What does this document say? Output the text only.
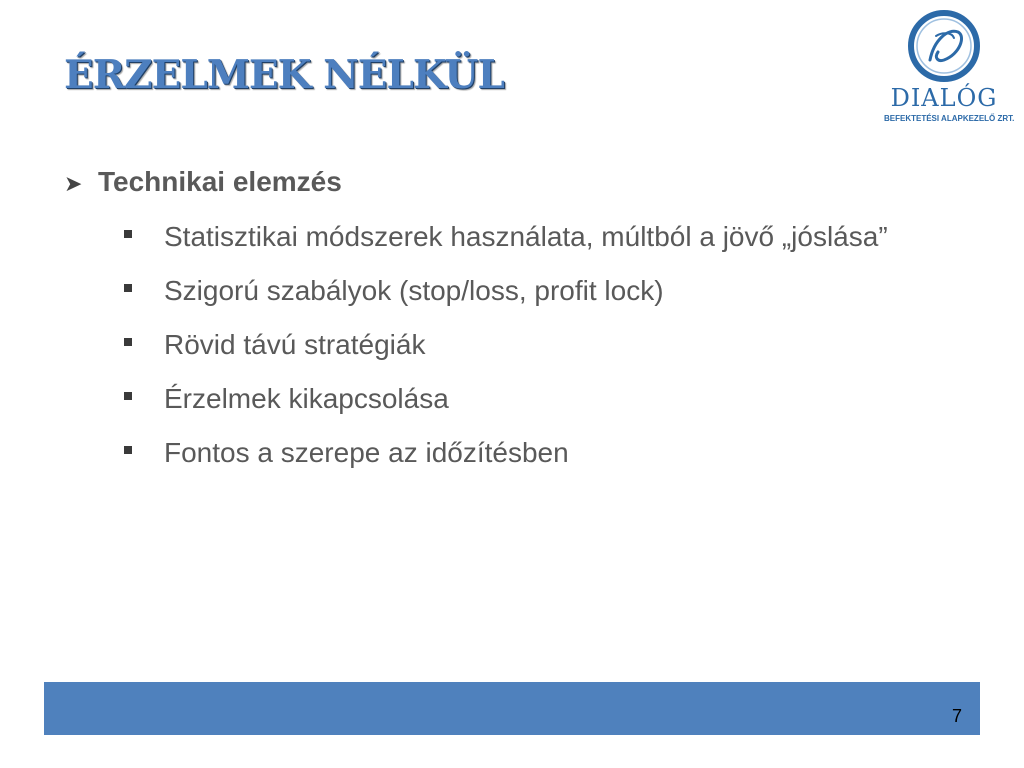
ÉRZELMEK NÉLKÜL	DIALÓG
BEFEKTETÉSI ALAPKEZELŐ ZRT.
➤ Technikai elemzés
Statisztikai módszerek használata, múltból a jövő „jóslása”
Szigorú szabályok (stop/loss, profit lock)
Rövid távú stratégiák
Érzelmek kikapcsolása
Fontos a szerepe az időzítésben
7
